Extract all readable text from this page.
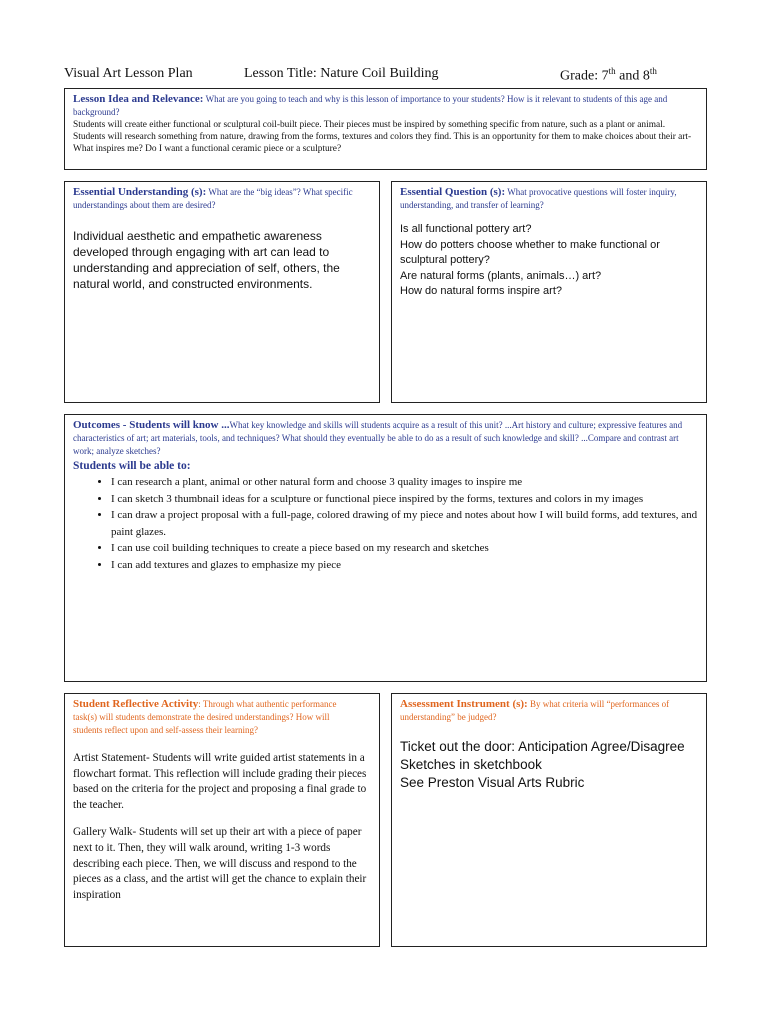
Visual Art Lesson Plan	Lesson Title: Nature Coil Building	Grade: 7th and 8th
Lesson Idea and Relevance: What are you going to teach and why is this lesson of importance to your students? How is it relevant to students of this age and background?
Students will create either functional or sculptural coil-built piece. Their pieces must be inspired by something specific from nature, such as a plant or animal. Students will research something from nature, drawing from the forms, textures and colors they find. This is an opportunity for them to make choices about their art- What inspires me? Do I want a functional ceramic piece or a sculpture?
Essential Understanding (s): What are the “big ideas”? What specific understandings about them are desired?
Individual aesthetic and empathetic awareness developed through engaging with art can lead to understanding and appreciation of self, others, the natural world, and constructed environments.
Essential Question (s): What provocative questions will foster inquiry, understanding, and transfer of learning?

Is all functional pottery art?

How do potters choose whether to make functional or sculptural pottery?

Are natural forms (plants, animals…) art?

How do natural forms inspire art?

Outcomes - Students will know ...What key knowledge and skills will students acquire as a result of this unit? ...Art history and culture; expressive features and characteristics of art; art materials, tools, and techniques? What should they eventually be able to do as a result of such knowledge and skill? ...Compare and contrast art work; analyze sketches?
Students will be able to:
• I can research a plant, animal or other natural form and choose 3 quality images to inspire me
• I can sketch 3 thumbnail ideas for a sculpture or functional piece inspired by the forms, textures and colors in my images
• I can draw a project proposal with a full-page, colored drawing of my piece and notes about how I will build forms, add textures, and paint glazes.
• I can use coil building techniques to create a piece based on my research and sketches
• I can add textures and glazes to emphasize my piece
Student Reflective Activity: Through what authentic performance task(s) will students demonstrate the desired understandings? How will students reflect upon and self-assess their learning?
Artist Statement- Students will write guided artist statements in a flowchart format. This reflection will include grading their pieces based on the criteria for the project and proposing a final grade to the teacher.
Gallery Walk- Students will set up their art with a piece of paper next to it. Then, they will walk around, writing 1-3 words describing each piece. Then, we will discuss and respond to the pieces as a class, and the artist will get the chance to explain their inspiration
Assessment Instrument (s): By what criteria will “performances of understanding” be judged?

Ticket out the door: Anticipation Agree/Disagree

Sketches in sketchbook

See Preston Visual Arts Rubric
